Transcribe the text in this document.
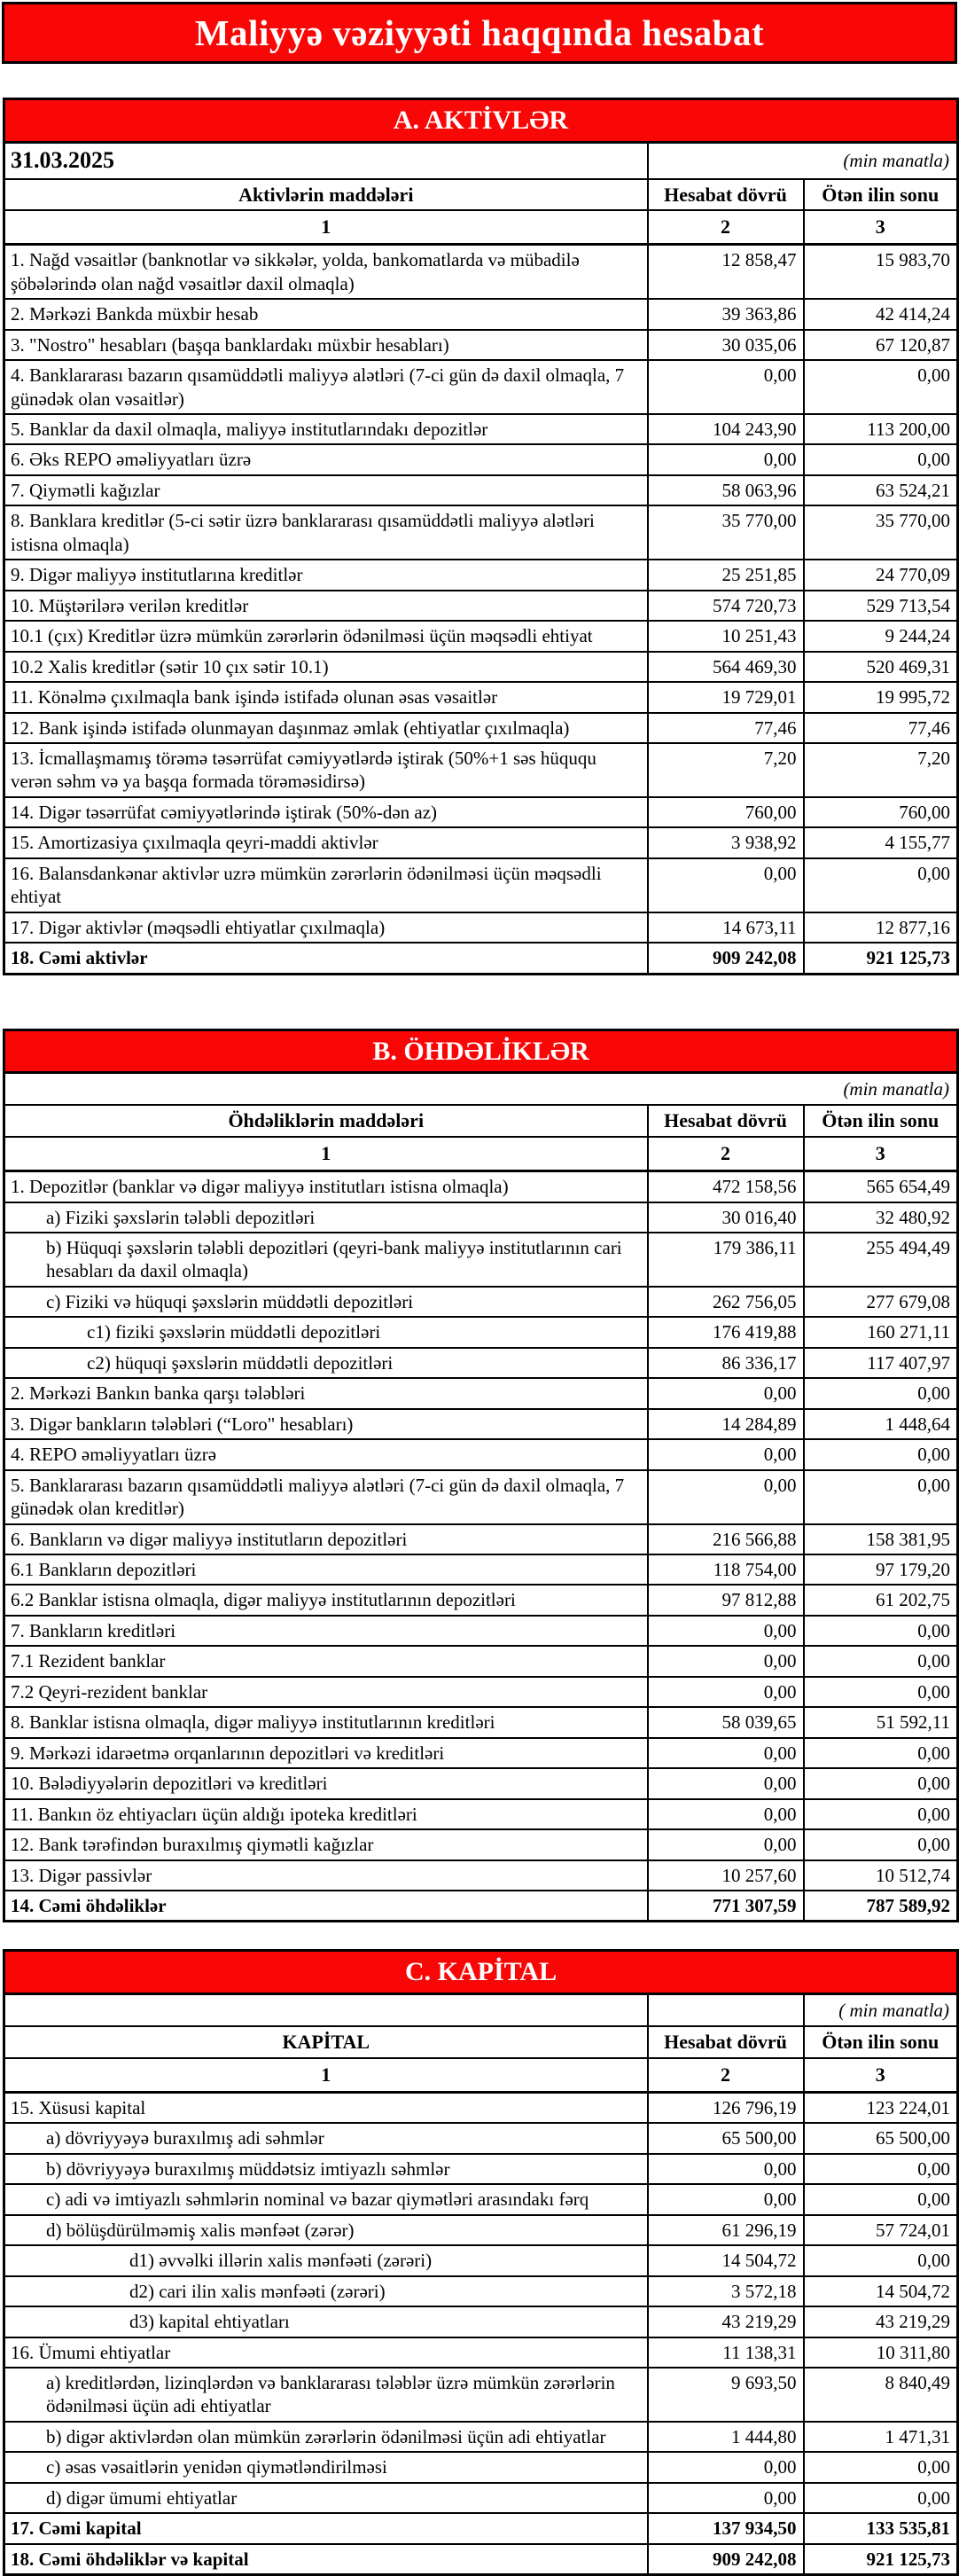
Maliyyə vəziyyəti haqqında hesabat
A. AKTİVLƏR		
31.03.2025	(min manatla)	
Aktivlərin maddələri	Hesabat dövrü	Ötən ilin sonu
1	2	3
1. Nağd vəsaitlər (banknotlar və sikkələr, yolda, bankomatlarda və mübadilə şöbələrində olan nağd vəsaitlər daxil olmaqla)	12 858,47	15 983,70
2. Mərkəzi Bankda müxbir hesab	39 363,86	42 414,24
3. "Nostro" hesabları (başqa banklardakı müxbir hesabları)	30 035,06	67 120,87
4. Banklararası bazarın qısamüddətli maliyyə alətləri (7-ci gün də daxil olmaqla, 7 günədək olan vəsaitlər)	0,00	0,00
5. Banklar da daxil olmaqla, maliyyə institutlarındakı depozitlər	104 243,90	113 200,00
6. Əks REPO əməliyyatları üzrə	0,00	0,00
7. Qiymətli kağızlar	58 063,96	63 524,21
8. Banklara kreditlər (5-ci sətir üzrə banklararası qısamüddətli maliyyə alətləri istisna olmaqla)	35 770,00	35 770,00
9. Digər maliyyə institutlarına kreditlər	25 251,85	24 770,09
10. Müştərilərə verilən kreditlər	574 720,73	529 713,54
10.1 (çıx) Kreditlər üzrə mümkün zərərlərin ödənilməsi üçün məqsədli ehtiyat	10 251,43	9 244,24
10.2 Xalis kreditlər (sətir 10 çıx sətir 10.1)	564 469,30	520 469,31
11. Könəlmə çıxılmaqla bank işində istifadə olunan əsas vəsaitlər	19 729,01	19 995,72
12. Bank işində istifadə olunmayan daşınmaz əmlak (ehtiyatlar çıxılmaqla)	77,46	77,46
13. İcmallaşmamış törəmə təsərrüfat cəmiyyətlərdə iştirak (50%+1 səs hüququ verən səhm və ya başqa formada törəməsidirsə)	7,20	7,20
14. Digər təsərrüfat cəmiyyətlərində iştirak (50%-dən az)	760,00	760,00
15. Amortizasiya çıxılmaqla qeyri-maddi aktivlər	3 938,92	4 155,77
16. Balansdankənar aktivlər uzrə mümkün zərərlərin ödənilməsi üçün məqsədli ehtiyat	0,00	0,00
17. Digər aktivlər (məqsədli ehtiyatlar çıxılmaqla)	14 673,11	12 877,16
18. Cəmi aktivlər	909 242,08	921 125,73
B. ÖHDƏLİKLƏR		
(min manatla)		
Öhdəliklərin maddələri	Hesabat dövrü	Ötən ilin sonu
1	2	3
1. Depozitlər (banklar və digər maliyyə institutları istisna olmaqla)	472 158,56	565 654,49
a) Fiziki şəxslərin tələbli depozitləri	30 016,40	32 480,92
b) Hüquqi şəxslərin tələbli depozitləri (qeyri-bank maliyyə institutlarının cari hesabları da daxil olmaqla)	179 386,11	255 494,49
c) Fiziki və hüquqi şəxslərin müddətli depozitləri	262 756,05	277 679,08
c1) fiziki şəxslərin müddətli depozitləri	176 419,88	160 271,11
c2) hüquqi şəxslərin müddətli depozitləri	86 336,17	117 407,97
2. Mərkəzi Bankın banka qarşı tələbləri	0,00	0,00
3. Digər bankların tələbləri (“Loro" hesabları)	14 284,89	1 448,64
4. REPO əməliyyatları üzrə	0,00	0,00
5. Banklararası bazarın qısamüddətli maliyyə alətləri (7-ci gün də daxil olmaqla, 7 günədək olan kreditlər)	0,00	0,00
6. Bankların və digər maliyyə institutların depozitləri	216 566,88	158 381,95
6.1 Bankların depozitləri	118 754,00	97 179,20
6.2 Banklar istisna olmaqla, digər maliyyə institutlarının depozitləri	97 812,88	61 202,75
7. Bankların kreditləri	0,00	0,00
7.1 Rezident banklar	0,00	0,00
7.2 Qeyri-rezident banklar	0,00	0,00
8. Banklar istisna olmaqla, digər maliyyə institutlarının kreditləri	58 039,65	51 592,11
9. Mərkəzi idarəetmə orqanlarının depozitləri və kreditləri	0,00	0,00
10. Bələdiyyələrin depozitləri və kreditləri	0,00	0,00
11. Bankın öz ehtiyacları üçün aldığı ipoteka kreditləri	0,00	0,00
12. Bank tərəfindən buraxılmış qiymətli kağızlar	0,00	0,00
13. Digər passivlər	10 257,60	10 512,74
14. Cəmi öhdəliklər	771 307,59	787 589,92
C. KAPİTAL		
		( min manatla)
KAPİTAL	Hesabat dövrü	Ötən ilin sonu
1	2	3
15. Xüsusi kapital	126 796,19	123 224,01
a) dövriyyəyə buraxılmış adi səhmlər	65 500,00	65 500,00
b) dövriyyəyə buraxılmış müddətsiz imtiyazlı səhmlər	0,00	0,00
c) adi və imtiyazlı səhmlərin nominal və bazar qiymətləri arasındakı fərq	0,00	0,00
d) bölüşdürülməmiş xalis mənfəət (zərər)	61 296,19	57 724,01
d1) əvvəlki illərin xalis mənfəəti (zərəri)	14 504,72	0,00
d2) cari ilin xalis mənfəəti (zərəri)	3 572,18	14 504,72
d3) kapital ehtiyatları	43 219,29	43 219,29
16. Ümumi ehtiyatlar	11 138,31	10 311,80
a) kreditlərdən, lizinqlərdən və banklararası tələblər üzrə mümkün zərərlərin ödənilməsi üçün adi ehtiyatlar	9 693,50	8 840,49
b) digər aktivlərdən olan mümkün zərərlərin ödənilməsi üçün adi ehtiyatlar	1 444,80	1 471,31
c) əsas vəsaitlərin yenidən qiymətləndirilməsi	0,00	0,00
d) digər ümumi ehtiyatlar	0,00	0,00
17. Cəmi kapital	137 934,50	133 535,81
18. Cəmi öhdəliklər və kapital	909 242,08	921 125,73
